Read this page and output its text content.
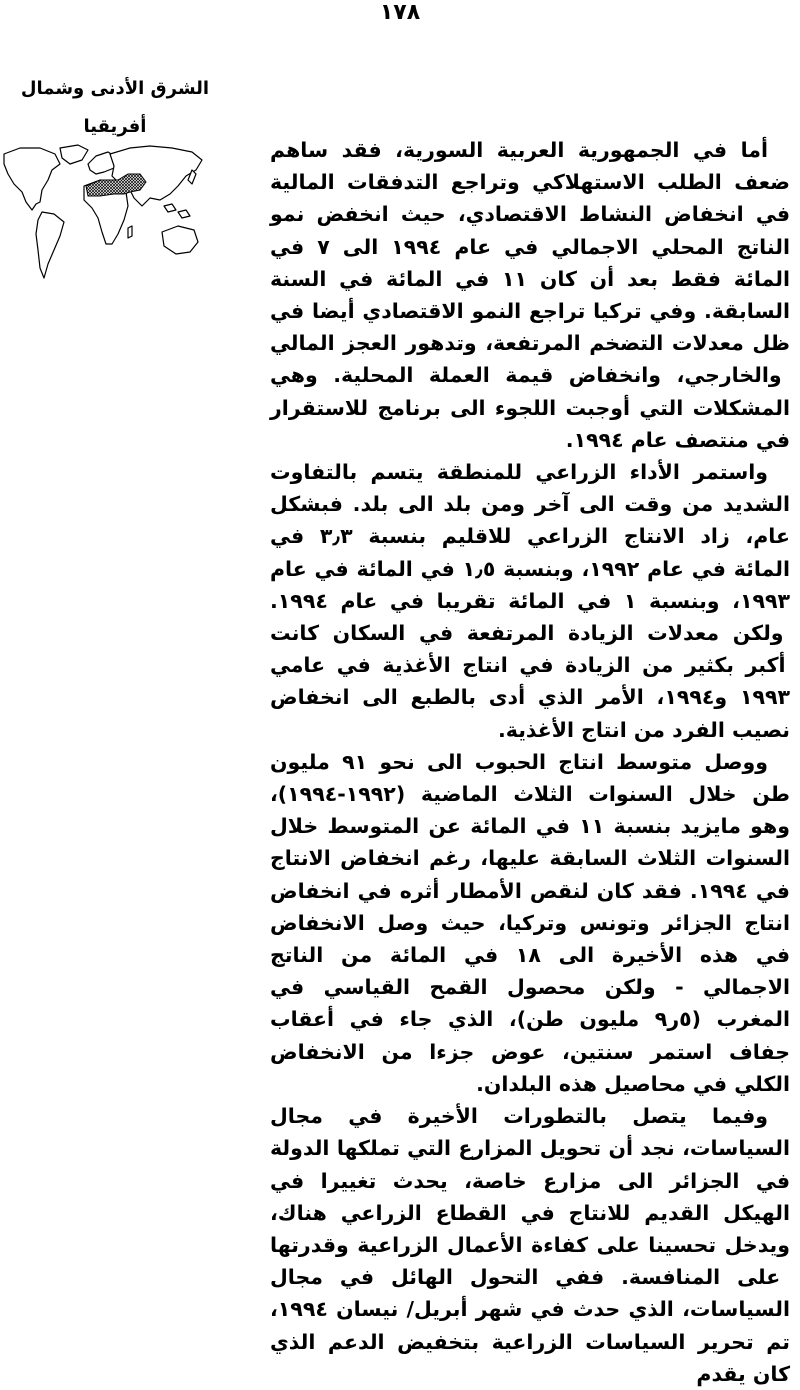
١٧٨
الشرق الأدنى وشمال
أفريقيا

أما في الجمهورية العربية السورية، فقد ساهم ضعف الطلب الاستهلاكي وتراجع التدفقات المالية في انخفاض النشاط الاقتصادي، حيث انخفض نمو الناتج المحلي الاجمالي في عام ١٩٩٤ الى ٧ في المائة فقط بعد أن كان ١١ في المائة في السنة السابقة. وفي تركيا تراجع النمو الاقتصادي أيضا في ظل معدلات التضخم المرتفعة، وتدهور العجز المالي والخارجي، وانخفاض قيمة العملة المحلية. وهي المشكلات التي أوجبت اللجوء الى برنامج للاستقرار في منتصف عام ١٩٩٤.

واستمر الأداء الزراعي للمنطقة يتسم بالتفاوت الشديد من وقت الى آخر ومن بلد الى بلد. فبشكل عام، زاد الانتاج الزراعي للاقليم بنسبة ٣٫٣ في المائة في عام ١٩٩٢، وبنسبة ١٫٥ في المائة في عام ١٩٩٣، وبنسبة ١ في المائة تقريبا في عام ١٩٩٤. ولكن معدلات الزيادة المرتفعة في السكان كانت أكبر بكثير من الزيادة في انتاج الأغذية في عامي ١٩٩٣ و١٩٩٤، الأمر الذي أدى بالطبع الى انخفاض نصيب الفرد من انتاج الأغذية.

ووصل متوسط انتاج الحبوب الى نحو ٩١ مليون طن خلال السنوات الثلاث الماضية (١٩٩٢-١٩٩٤)، وهو مايزيد بنسبة ١١ في المائة عن المتوسط خلال السنوات الثلاث السابقة عليها، رغم انخفاض الانتاج في ١٩٩٤. فقد كان لنقص الأمطار أثره في انخفاض انتاج الجزائر وتونس وتركيا، حيث وصل الانخفاض في هذه الأخيرة الى ١٨ في المائة من الناتج الاجمالي - ولكن محصول القمح القياسي في المغرب (٥ر٩ مليون طن)، الذي جاء في أعقاب جفاف استمر سنتين، عوض جزءا من الانخفاض الكلي في محاصيل هذه البلدان.

وفيما يتصل بالتطورات الأخيرة في مجال السياسات، نجد أن تحويل المزارع التي تملكها الدولة في الجزائر الى مزارع خاصة، يحدث تغييرا في الهيكل القديم للانتاج في القطاع الزراعي هناك، ويدخل تحسينا على كفاءة الأعمال الزراعية وقدرتها على المنافسة. ففي التحول الهائل في مجال السياسات، الذي حدث في شهر أبريل/ نيسان ١٩٩٤، تم تحرير السياسات الزراعية بتخفيض الدعم الذي كان يقدم
